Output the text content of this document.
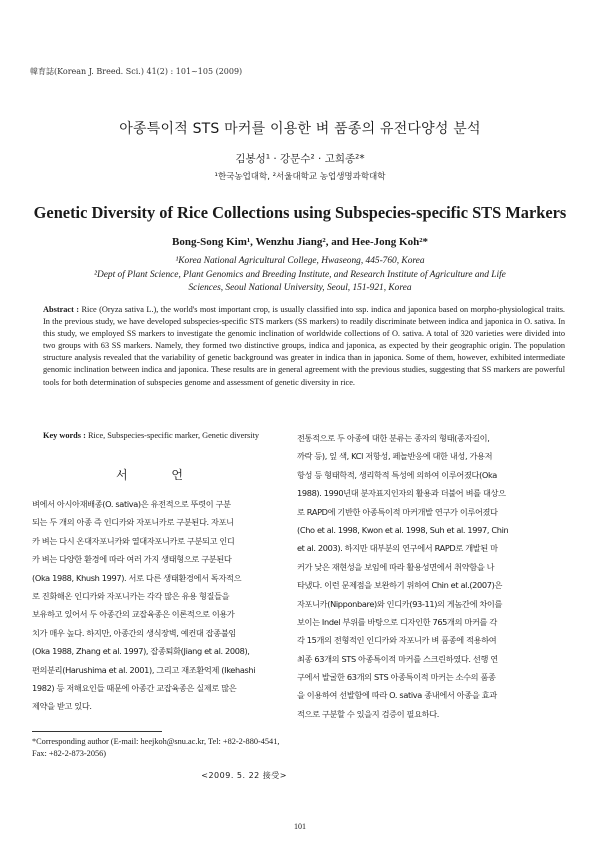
韓育誌(Korean J. Breed. Sci.) 41(2) : 101~105 (2009)
아종특이적 STS 마커를 이용한 벼 품종의 유전다양성 분석
김봉성¹ · 강문수² · 고희종²*
¹한국농업대학, ²서울대학교 농업생명과학대학
Genetic Diversity of Rice Collections using Subspecies-specific STS Markers
Bong-Song Kim¹, Wenzhu Jiang², and Hee-Jong Koh²*
¹Korea National Agricultural College, Hwaseong, 445-760, Korea
²Dept of Plant Science, Plant Genomics and Breeding Institute, and Research Institute of Agriculture and Life
Sciences, Seoul National University, Seoul, 151-921, Korea
Abstract : Rice (Oryza sativa L.), the world's most important crop, is usually classified into ssp. indica and japonica based on morpho-physiological traits. In the previous study, we have developed subspecies-specific STS markers (SS markers) to readily discriminate between indica and japonica in O. sativa. In this study, we employed SS markers to investigate the genomic inclination of worldwide collections of O. sativa. A total of 320 varieties were divided into two groups with 63 SS markers. Namely, they formed two distinctive groups, indica and japonica, as expected by their geographic origin. The population structure analysis revealed that the variability of genetic background was greater in indica than in japonica. Some of them, however, exhibited intermediate genomic inclination between indica and japonica. These results are in general agreement with the previous studies, suggesting that SS markers are powerful tools for both determination of subspecies genome and assessment of genetic diversity in rice.
Key words : Rice, Subspecies-specific marker, Genetic diversity
서 언
벼에서 아시아재배종(O. sativa)은 유전적으로 뚜렷이 구분
되는 두 개의 아종 즉 인디카와 자포니카로 구분된다. 자포니
카 벼는 다시 온대자포니카와 열대자포니카로 구분되고 인디
카 벼는 다양한 환경에 따라 여러 가지 생태형으로 구분된다
(Oka 1988, Khush 1997). 서로 다른 생태환경에서 독자적으
로 진화해온 인디카와 자포니카는 각각 많은 유용 형질들을
보유하고 있어서 두 아종간의 교잡육종은 이론적으로 이용가
치가 매우 높다. 하지만, 아종간의 생식장벽, 예컨대 잡종불임
(Oka 1988, Zhang et al. 1997), 잡종퇴화(Jiang et al. 2008),
편의분리(Harushima et al. 2001), 그리고 재조환억제 (Ikehashi
1982) 등 저해요인들 때문에 아종간 교잡육종은 실제로 많은
제약을 받고 있다.
전통적으로 두 아종에 대한 분류는 종자의 형태(종자길이,
까락 등), 잎 색, KCl 저항성, 페놀반응에 대한 내성, 가용저
항성 등 형태학적, 생리학적 특성에 의하여 이루어졌다(Oka
1988). 1990년대 분자표지인자의 활용과 더불어 벼를 대상으
로 RAPD에 기반한 아종특이적 마커개발 연구가 이루어졌다
(Cho et al. 1998, Kwon et al. 1998, Suh et al. 1997, Chin
et al. 2003). 하지만 대부분의 연구에서 RAPD로 개발된 마
커가 낮은 재현성을 보임에 따라 활용성면에서 취약함을 나
타냈다. 이런 문제점을 보완하기 위하여 Chin et al.(2007)은
자포니카(Nipponbare)와 인디카(93-11)의 게놈간에 차이를
보이는 Indel 부위를 바탕으로 디자인한 765개의 마커를 각
각 15개의 전형적인 인디카와 자포니카 벼 품종에 적용하여
최종 63개의 STS 아종특이적 마커를 스크린하였다. 선행 연
구에서 발굴한 63개의 STS 아종특이적 마커는 소수의 품종
을 이용하여 선발함에 따라 O. sativa 종내에서 아종을 효과
적으로 구분할 수 있을지 검증이 필요하다.
*Corresponding author (E-mail: heejkoh@snu.ac.kr, Tel: +82-2-880-4541, Fax: +82-2-873-2056)
<2009. 5. 22 接受>
101
